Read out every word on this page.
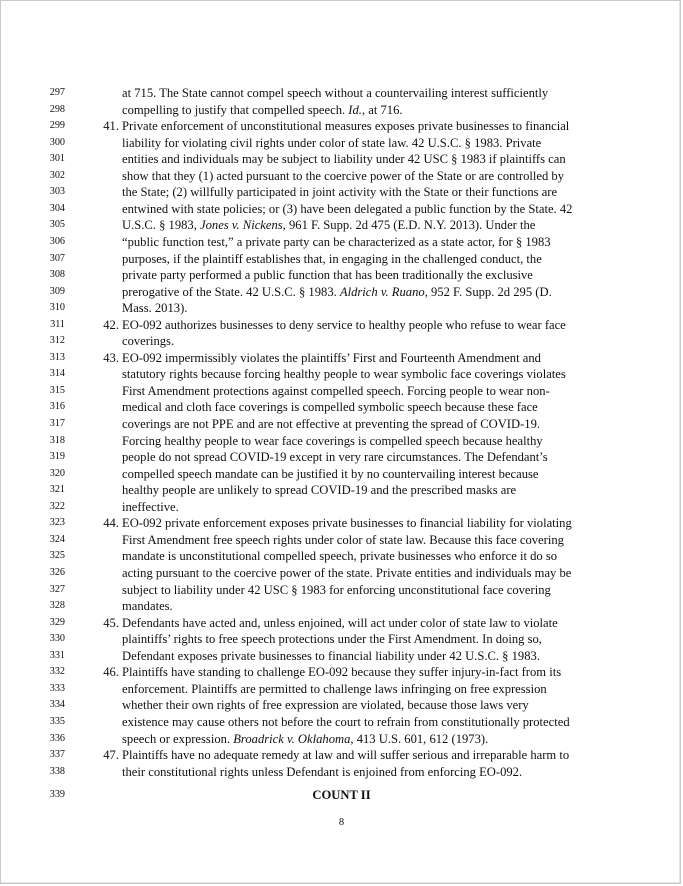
297	at 715. The State cannot compel speech without a countervailing interest sufficiently
298	compelling to justify that compelled speech. Id., at 716.
299	41. Private enforcement of unconstitutional measures exposes private businesses to financial
300	liability for violating civil rights under color of state law. 42 U.S.C. § 1983. Private
301	entities and individuals may be subject to liability under 42 USC § 1983 if plaintiffs can
302	show that they (1) acted pursuant to the coercive power of the State or are controlled by
303	the State; (2) willfully participated in joint activity with the State or their functions are
304	entwined with state policies; or (3) have been delegated a public function by the State. 42
305	U.S.C. § 1983, Jones v. Nickens, 961 F. Supp. 2d 475 (E.D. N.Y. 2013). Under the
306	“public function test,” a private party can be characterized as a state actor, for § 1983
307	purposes, if the plaintiff establishes that, in engaging in the challenged conduct, the
308	private party performed a public function that has been traditionally the exclusive
309	prerogative of the State. 42 U.S.C. § 1983. Aldrich v. Ruano, 952 F. Supp. 2d 295 (D.
310	Mass. 2013).
311	42. EO-092 authorizes businesses to deny service to healthy people who refuse to wear face
312	coverings.
313	43. EO-092 impermissibly violates the plaintiffs’ First and Fourteenth Amendment and
314	statutory rights because forcing healthy people to wear symbolic face coverings violates
315	First Amendment protections against compelled speech. Forcing people to wear non-
316	medical and cloth face coverings is compelled symbolic speech because these face
317	coverings are not PPE and are not effective at preventing the spread of COVID-19.
318	Forcing healthy people to wear face coverings is compelled speech because healthy
319	people do not spread COVID-19 except in very rare circumstances. The Defendant’s
320	compelled speech mandate can be justified it by no countervailing interest because
321	healthy people are unlikely to spread COVID-19 and the prescribed masks are
322	ineffective.
323	44. EO-092 private enforcement exposes private businesses to financial liability for violating
324	First Amendment free speech rights under color of state law. Because this face covering
325	mandate is unconstitutional compelled speech, private businesses who enforce it do so
326	acting pursuant to the coercive power of the state. Private entities and individuals may be
327	subject to liability under 42 USC § 1983 for enforcing unconstitutional face covering
328	mandates.
329	45. Defendants have acted and, unless enjoined, will act under color of state law to violate
330	plaintiffs’ rights to free speech protections under the First Amendment. In doing so,
331	Defendant exposes private businesses to financial liability under 42 U.S.C. § 1983.
332	46. Plaintiffs have standing to challenge EO-092 because they suffer injury-in-fact from its
333	enforcement. Plaintiffs are permitted to challenge laws infringing on free expression
334	whether their own rights of free expression are violated, because those laws very
335	existence may cause others not before the court to refrain from constitutionally protected
336	speech or expression. Broadrick v. Oklahoma, 413 U.S. 601, 612 (1973).
337	47. Plaintiffs have no adequate remedy at law and will suffer serious and irreparable harm to
338	their constitutional rights unless Defendant is enjoined from enforcing EO-092.
339	COUNT II
8
